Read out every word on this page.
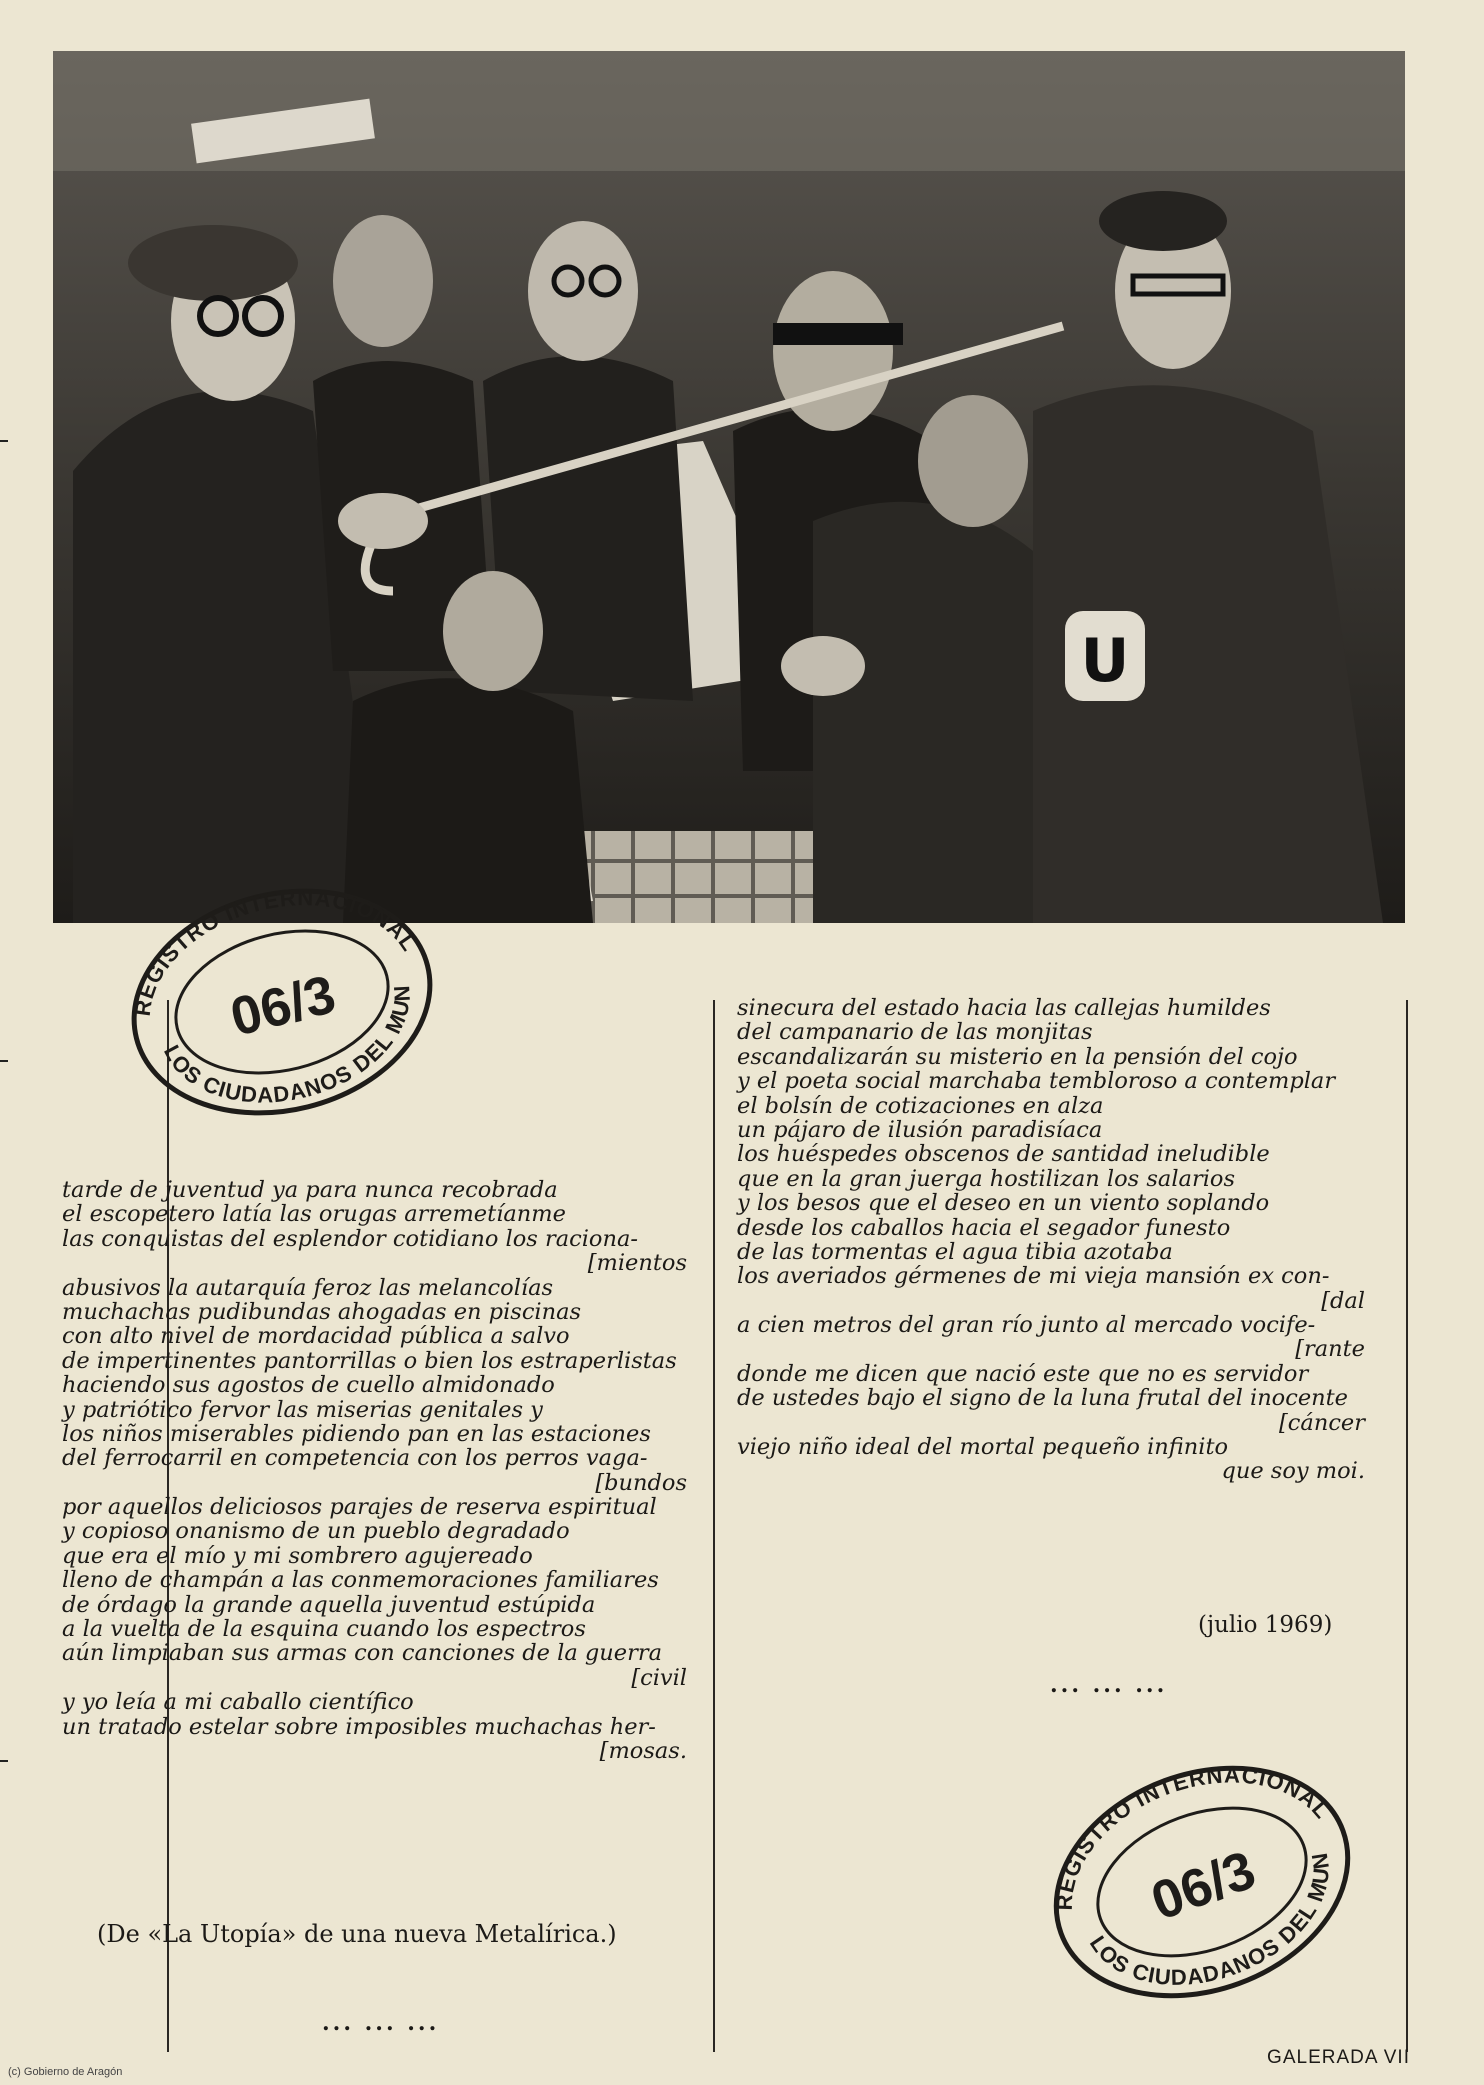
U
REGISTRO INTERNACIONAL
LOS CIUDADANOS DEL MUNDO
06/3
REGISTRO INTERNACIONAL
LOS CIUDADANOS DEL MUNDO
06/3
tarde de juventud ya para nunca recobrada
el escopetero latía las orugas arremetíanme
las conquistas del esplendor cotidiano los raciona-
[mientos
abusivos la autarquía feroz las melancolías
muchachas pudibundas ahogadas en piscinas
con alto nivel de mordacidad pública a salvo
de impertinentes pantorrillas o bien los estraperlistas
haciendo sus agostos de cuello almidonado
y patriótico fervor las miserias genitales y
los niños miserables pidiendo pan en las estaciones
del ferrocarril en competencia con los perros vaga-
[bundos
por aquellos deliciosos parajes de reserva espiritual
y copioso onanismo de un pueblo degradado
que era el mío y mi sombrero agujereado
lleno de champán a las conmemoraciones familiares
de órdago la grande aquella juventud estúpida
a la vuelta de la esquina cuando los espectros
aún limpiaban sus armas con canciones de la guerra
[civil
y yo leía a mi caballo científico
un tratado estelar sobre imposibles muchachas her-
[mosas.
(De «La Utopía» de una nueva Metalírica.)
... ... ...
sinecura del estado hacia las callejas humildes
del campanario de las monjitas
escandalizarán su misterio en la pensión del cojo
y el poeta social marchaba tembloroso a contemplar
el bolsín de cotizaciones en alza
un pájaro de ilusión paradisíaca
los huéspedes obscenos de santidad ineludible
que en la gran juerga hostilizan los salarios
y los besos que el deseo en un viento soplando
desde los caballos hacia el segador funesto
de las tormentas el agua tibia azotaba
los averiados gérmenes de mi vieja mansión ex con-
[dal
a cien metros del gran río junto al mercado vocife-
[rante
donde me dicen que nació este que no es servidor
de ustedes bajo el signo de la luna frutal del inocente
[cáncer
viejo niño ideal del mortal pequeño infinito
que soy moi.
(julio 1969)
... ... ...
GALERADA VII
(c) Gobierno de Aragón
